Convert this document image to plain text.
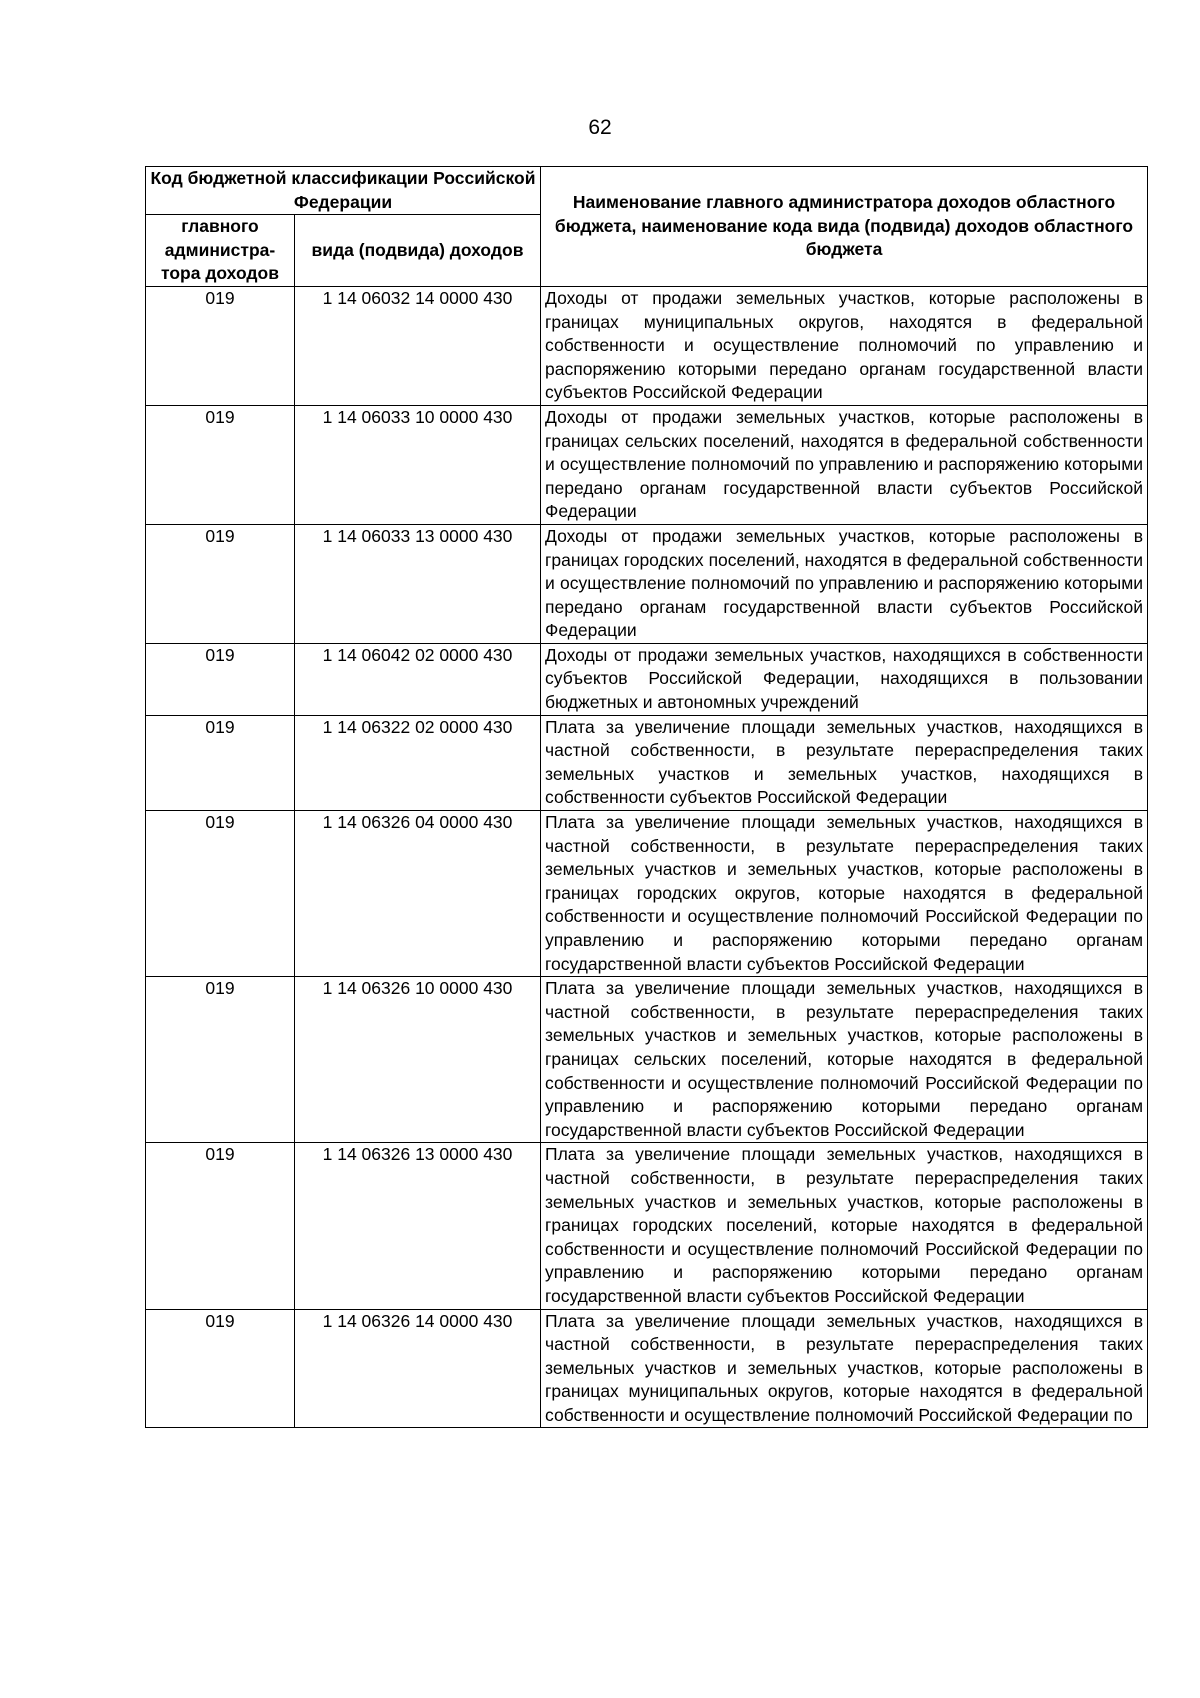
62
Код бюджетной классификации Российской Федерации		Наименование главного администратора доходов областного бюджета, наименование кода вида (подвида) доходов областного бюджета
главного администра-тора доходов	вида (подвида) доходов	
019	1 14 06032 14 0000 430	Доходы от продажи земельных участков, которые расположены в границах муниципальных округов, находятся в федеральной собственности и осуществление полномочий по управлению и распоряжению которыми передано органам государственной власти субъектов Российской Федерации
019	1 14 06033 10 0000 430	Доходы от продажи земельных участков, которые расположены в границах сельских поселений, находятся в федеральной собственности и осуществление полномочий по управлению и распоряжению которыми передано органам государственной власти субъектов Российской Федерации
019	1 14 06033 13 0000 430	Доходы от продажи земельных участков, которые расположены в границах городских поселений, находятся в федеральной собственности и осуществление полномочий по управлению и распоряжению которыми передано органам государственной власти субъектов Российской Федерации
019	1 14 06042 02 0000 430	Доходы от продажи земельных участков, находящихся в собственности субъектов Российской Федерации, находящихся в пользовании бюджетных и автономных учреждений
019	1 14 06322 02 0000 430	Плата за увеличение площади земельных участков, находящихся в частной собственности, в результате перераспределения таких земельных участков и земельных участков, находящихся в собственности субъектов Российской Федерации
019	1 14 06326 04 0000 430	Плата за увеличение площади земельных участков, находящихся в частной собственности, в результате перераспределения таких земельных участков и земельных участков, которые расположены в границах городских округов, которые находятся в федеральной собственности и осуществление полномочий Российской Федерации по управлению и распоряжению которыми передано органам государственной власти субъектов Российской Федерации
019	1 14 06326 10 0000 430	Плата за увеличение площади земельных участков, находящихся в частной собственности, в результате перераспределения таких земельных участков и земельных участков, которые расположены в границах сельских поселений, которые находятся в федеральной собственности и осуществление полномочий Российской Федерации по управлению и распоряжению которыми передано органам государственной власти субъектов Российской Федерации
019	1 14 06326 13 0000 430	Плата за увеличение площади земельных участков, находящихся в частной собственности, в результате перераспределения таких земельных участков и земельных участков, которые расположены в границах городских поселений, которые находятся в федеральной собственности и осуществление полномочий Российской Федерации по управлению и распоряжению которыми передано органам государственной власти субъектов Российской Федерации
019	1 14 06326 14 0000 430	Плата за увеличение площади земельных участков, находящихся в частной собственности, в результате перераспределения таких земельных участков и земельных участков, которые расположены в границах муниципальных округов, которые находятся в федеральной собственности и осуществление полномочий Российской Федерации по
